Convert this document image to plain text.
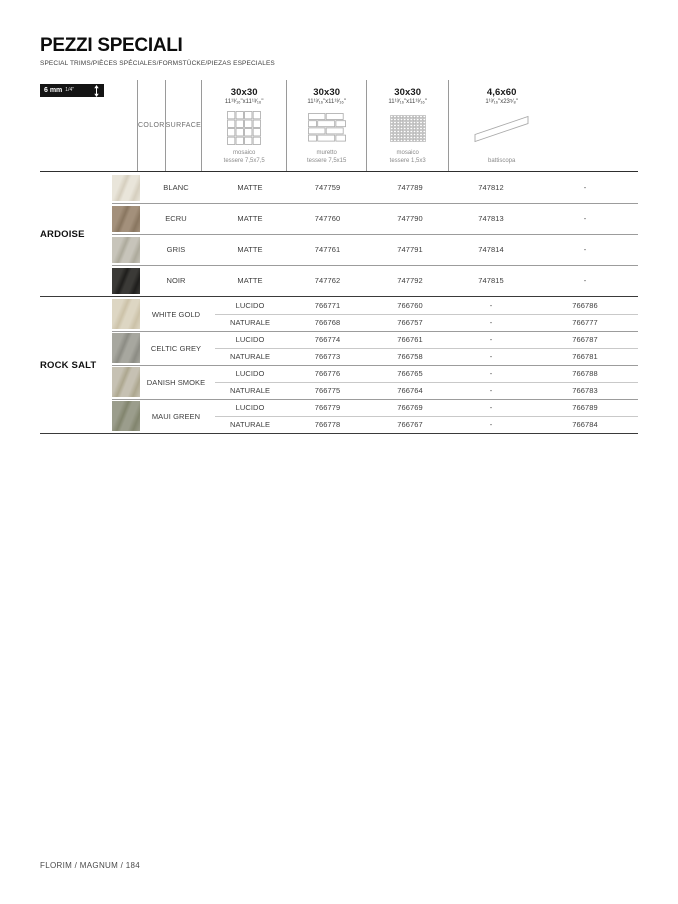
PEZZI SPECIALI
SPECIAL TRIMS/PIÈCES SPÉCIALES/FORMSTÜCKE/PIEZAS ESPECIALES
6 mm 1/4"
COLOR SURFACE
30x30
11¹³⁄₁₆"x11¹³⁄₁₆"
mosaico
tessere 7,5x7,5
30x30
11¹³⁄₁₆"x11¹³⁄₁₆"
muretto
tessere 7,5x15
30x30
11¹³⁄₁₆"x11¹³⁄₁₆"
mosaico
tessere 1,5x3
4,6x60
1¹³⁄₁₆"x23⁵⁄₈"
battiscopa
ARDOISE
BLANC	MATTE	747759	747789	747812	-
ECRU	MATTE	747760	747790	747813	-
GRIS	MATTE	747761	747791	747814	-
NOIR	MATTE	747762	747792	747815	-
ROCK SALT
WHITE GOLD
LUCIDO	766771	766760	-	766786
NATURALE	766768	766757	-	766777
CELTIC GREY
LUCIDO	766774	766761	-	766787
NATURALE	766773	766758	-	766781
DANISH SMOKE
LUCIDO	766776	766765	-	766788
NATURALE	766775	766764	-	766783
MAUI GREEN
LUCIDO	766779	766769	-	766789
NATURALE	766778	766767	-	766784
FLORIM / MAGNUM / 184
